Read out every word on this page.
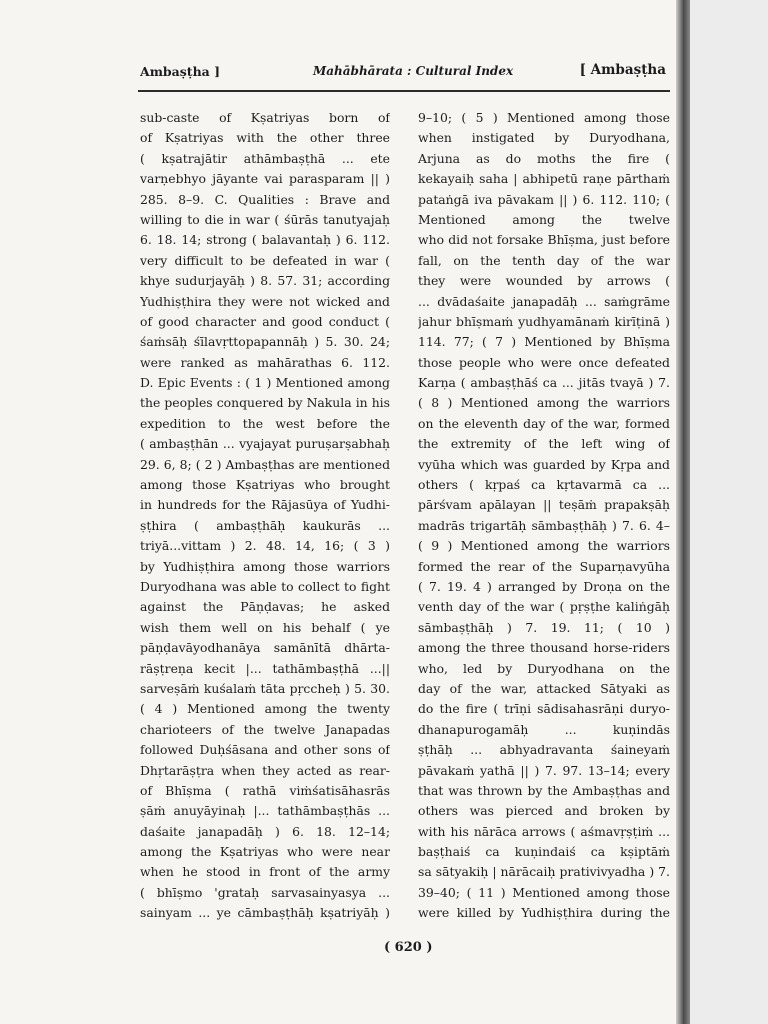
Ambaṣṭha ]	Mahābhārata : Cultural Index	[ Ambaṣṭha
sub-caste of Kṣatriyas born of
of Kṣatriyas with the other three
( kṣatrajātir athāmbaṣṭhā ... ete
varṇebhyo jāyante vai parasparam || )
285. 8–9. C. Qualities : Brave and
willing to die in war ( śūrās tanutyajaḥ
6. 18. 14; strong ( balavantaḥ ) 6. 112.
very difficult to be defeated in war (
khye sudurjayāḥ ) 8. 57. 31; according
Yudhiṣṭhira they were not wicked and
of good character and good conduct (
śaṁsāḥ śīlavṛttopapannāḥ ) 5. 30. 24;
were ranked as mahārathas 6. 112.
D. Epic Events : ( 1 ) Mentioned among
the peoples conquered by Nakula in his
expedition to the west before the
( ambaṣṭhān ... vyajayat puruṣarṣabhaḥ
29. 6, 8; ( 2 ) Ambaṣṭhas are mentioned
among those Kṣatriyas who brought
in hundreds for the Rājasūya of Yudhi-
ṣṭhira ( ambaṣṭhāḥ kaukurās ...
triyā...vittam ) 2. 48. 14, 16; ( 3 )
by Yudhiṣṭhira among those warriors
Duryodhana was able to collect to fight
against the Pāṇḍavas; he asked
wish them well on his behalf ( ye
pāṇḍavāyodhanāya samānītā dhārta-
rāṣṭreṇa kecit |... tathāmbaṣṭhā ...||
sarveṣāṁ kuśalaṁ tāta pṛccheḥ ) 5. 30.
( 4 ) Mentioned among the twenty
charioteers of the twelve Janapadas
followed Duḥśāsana and other sons of
Dhṛtarāṣṭra when they acted as rear-
of Bhīṣma ( rathā viṁśatisāhasrās
ṣāṁ anuyāyinaḥ |... tathāmbaṣṭhās ...
daśaite janapadāḥ ) 6. 18. 12–14;
among the Kṣatriyas who were near
when he stood in front of the army
( bhīṣmo 'grataḥ sarvasainyasya ...
sainyam ... ye cāmbaṣṭhāḥ kṣatriyāḥ )
9–10; ( 5 ) Mentioned among those
when instigated by Duryodhana,
Arjuna as do moths the fire (
kekayaiḥ saha | abhipetū raṇe pārthaṁ
pataṅgā iva pāvakam || ) 6. 112. 110; (
Mentioned among the twelve
who did not forsake Bhīṣma, just before
fall, on the tenth day of the war
they were wounded by arrows (
... dvādaśaite janapadāḥ ... saṁgrāme
jahur bhīṣmaṁ yudhyamānaṁ kirīṭinā )
114. 77; ( 7 ) Mentioned by Bhīṣma
those people who were once defeated
Karṇa ( ambaṣṭhāś ca ... jitās tvayā ) 7.
( 8 ) Mentioned among the warriors
on the eleventh day of the war, formed
the extremity of the left wing of
vyūha which was guarded by Kṛpa and
others ( kṛpaś ca kṛtavarmā ca ...
pārśvam apālayan || teṣāṁ prapakṣāḥ
madrās trigartāḥ sāmbaṣṭhāḥ ) 7. 6. 4–
( 9 ) Mentioned among the warriors
formed the rear of the Suparṇavyūha
( 7. 19. 4 ) arranged by Droṇa on the
venth day of the war ( pṛṣṭhe kaliṅgāḥ
sāmbaṣṭhāḥ ) 7. 19. 11; ( 10 )
among the three thousand horse-riders
who, led by Duryodhana on the
day of the war, attacked Sātyaki as
do the fire ( trīṇi sādisahasrāṇi duryo-
dhanapurogamāḥ ... kuṇindās
ṣṭhāḥ ... abhyadravanta śaineyaṁ
pāvakaṁ yathā || ) 7. 97. 13–14; every
that was thrown by the Ambaṣṭhas and
others was pierced and broken by
with his nārāca arrows ( aśmavṛṣṭiṁ ...
baṣṭhaiś ca kuṇindaiś ca kṣiptāṁ
sa sātyakiḥ | nārācaiḥ prativivyadha ) 7.
39–40; ( 11 ) Mentioned among those
were killed by Yudhiṣṭhira during the
( 620 )
